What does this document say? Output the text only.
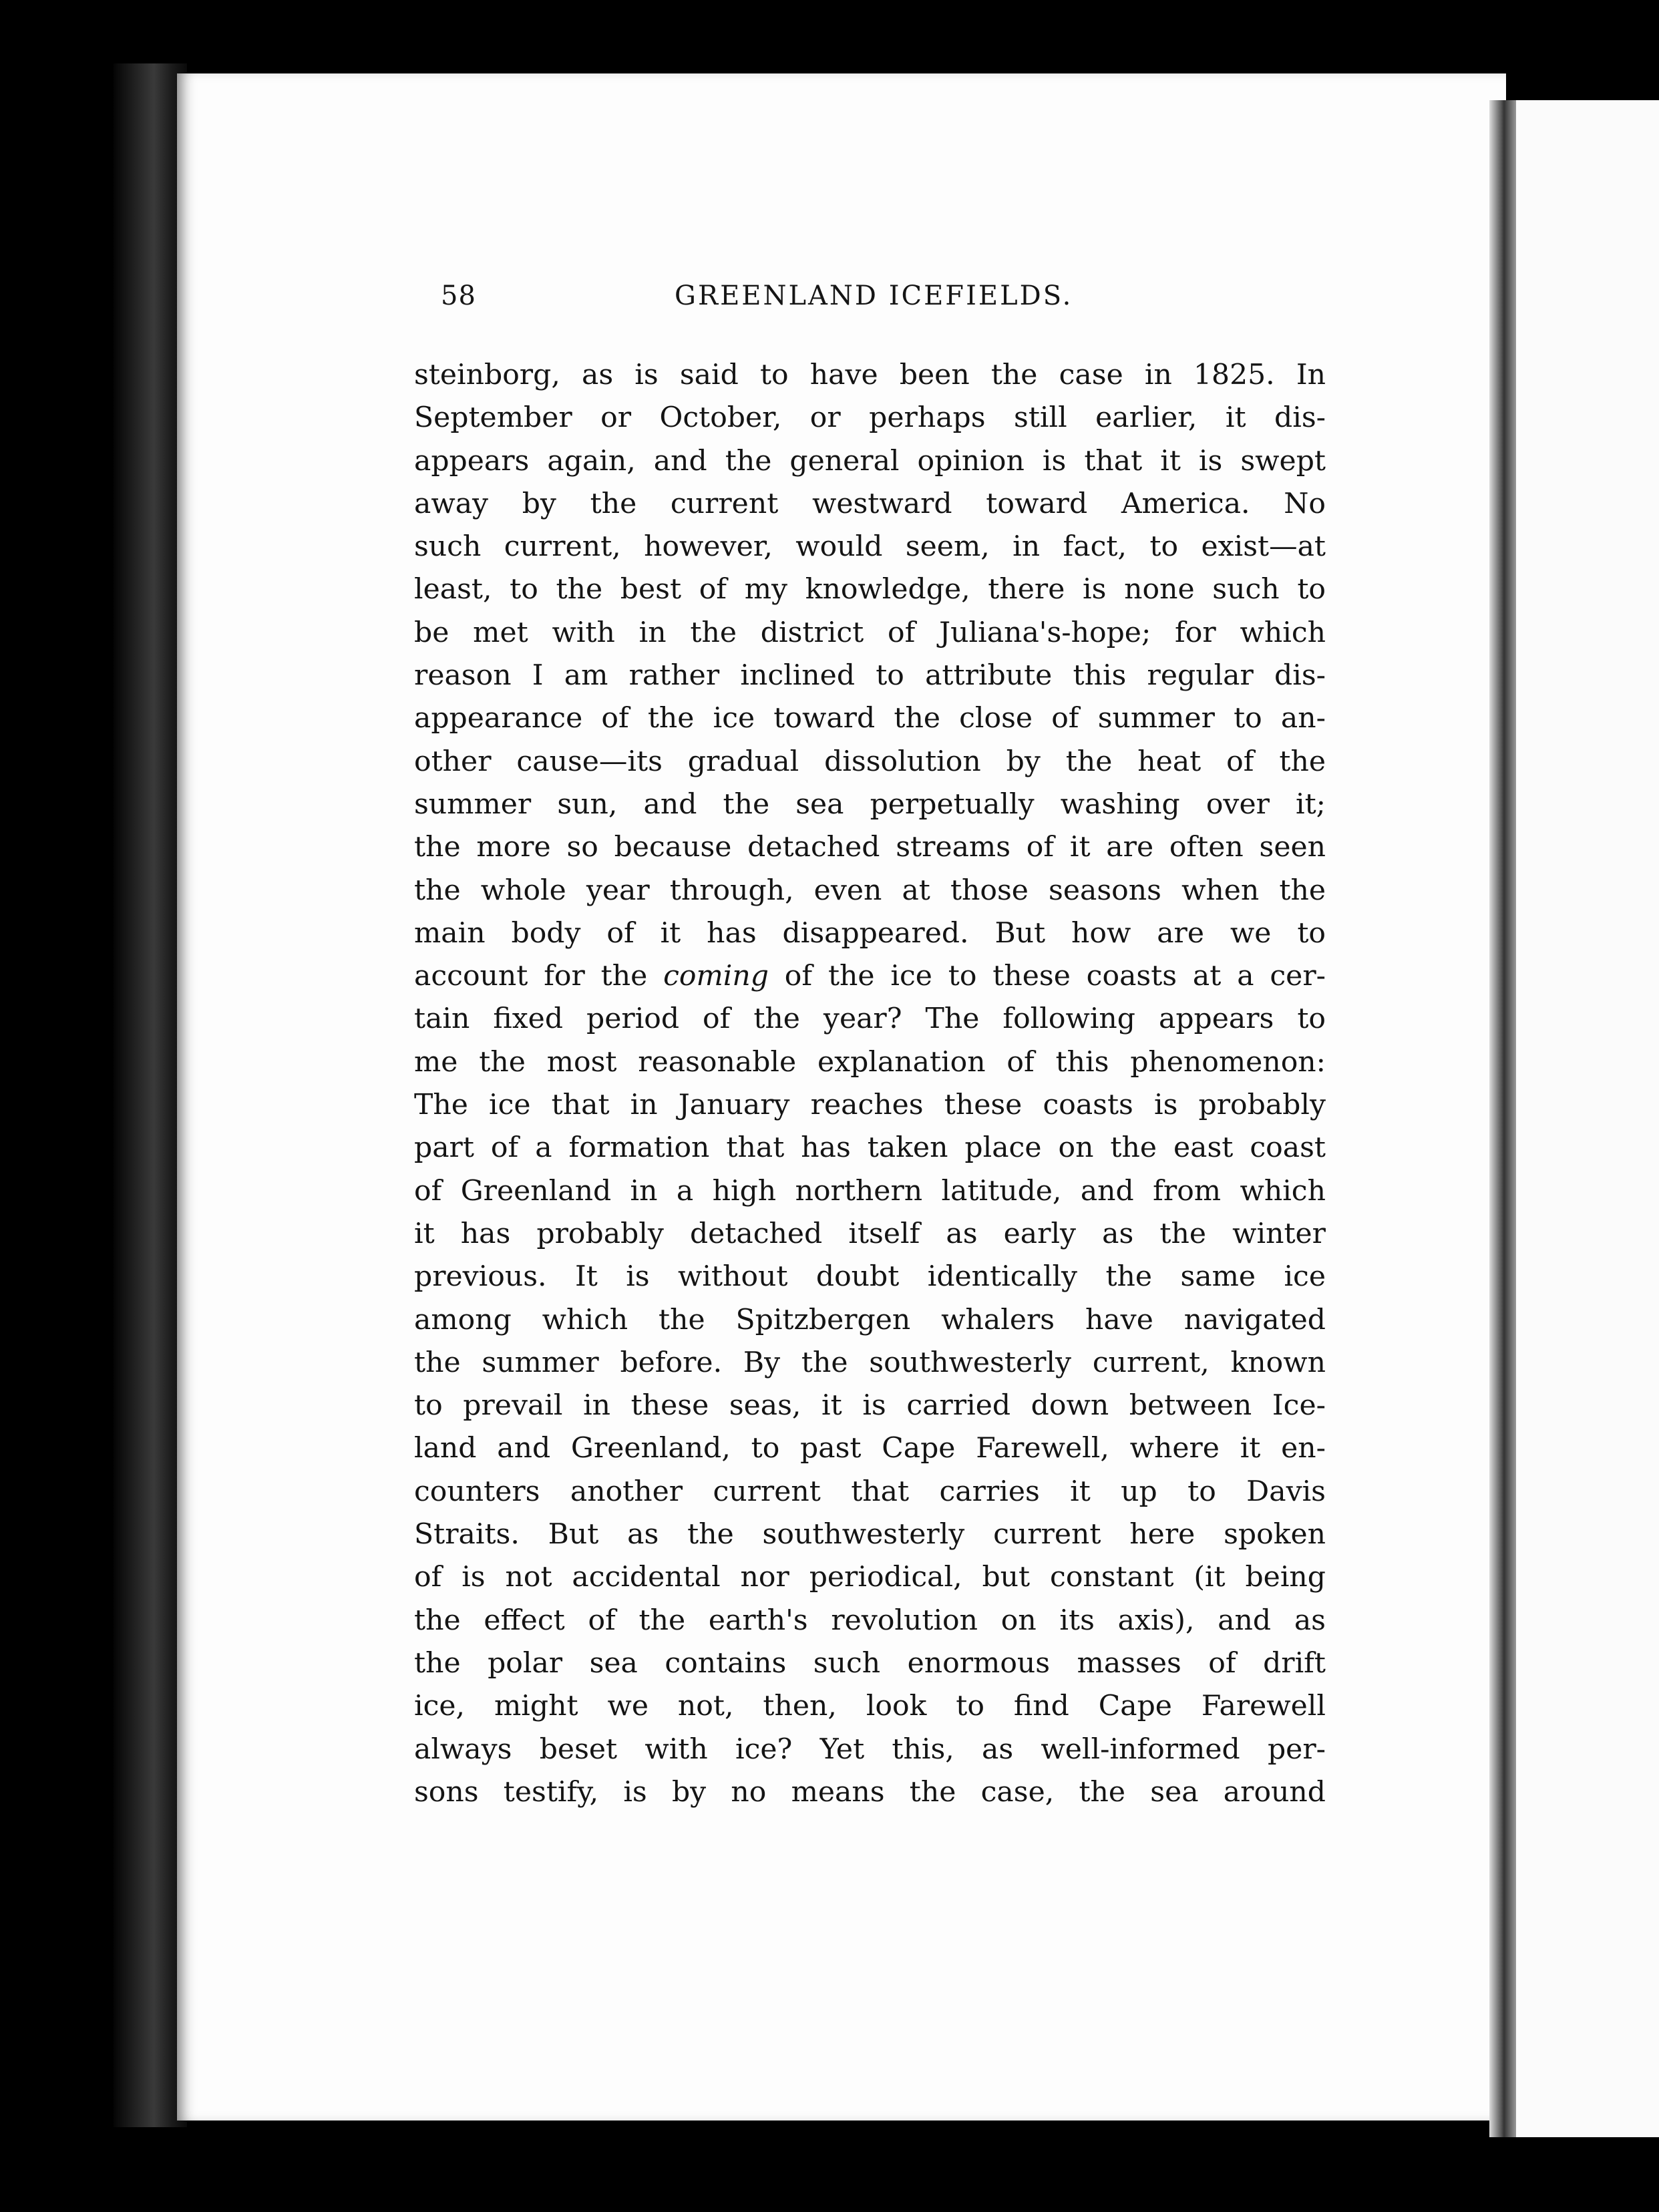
58	GREENLAND ICEFIELDS.
steinborg, as is said to have been the case in 1825. In
September or October, or perhaps still earlier, it dis-
appears again, and the general opinion is that it is swept
away by the current westward toward America. No
such current, however, would seem, in fact, to exist—at
least, to the best of my knowledge, there is none such to
be met with in the district of Juliana's-hope; for which
reason I am rather inclined to attribute this regular dis-
appearance of the ice toward the close of summer to an-
other cause—its gradual dissolution by the heat of the
summer sun, and the sea perpetually washing over it;
the more so because detached streams of it are often seen
the whole year through, even at those seasons when the
main body of it has disappeared. But how are we to
account for the coming of the ice to these coasts at a cer-
tain fixed period of the year? The following appears to
me the most reasonable explanation of this phenomenon:
The ice that in January reaches these coasts is probably
part of a formation that has taken place on the east coast
of Greenland in a high northern latitude, and from which
it has probably detached itself as early as the winter
previous. It is without doubt identically the same ice
among which the Spitzbergen whalers have navigated
the summer before. By the southwesterly current, known
to prevail in these seas, it is carried down between Ice-
land and Greenland, to past Cape Farewell, where it en-
counters another current that carries it up to Davis
Straits. But as the southwesterly current here spoken
of is not accidental nor periodical, but constant (it being
the effect of the earth's revolution on its axis), and as
the polar sea contains such enormous masses of drift
ice, might we not, then, look to find Cape Farewell
always beset with ice? Yet this, as well-informed per-
sons testify, is by no means the case, the sea around
